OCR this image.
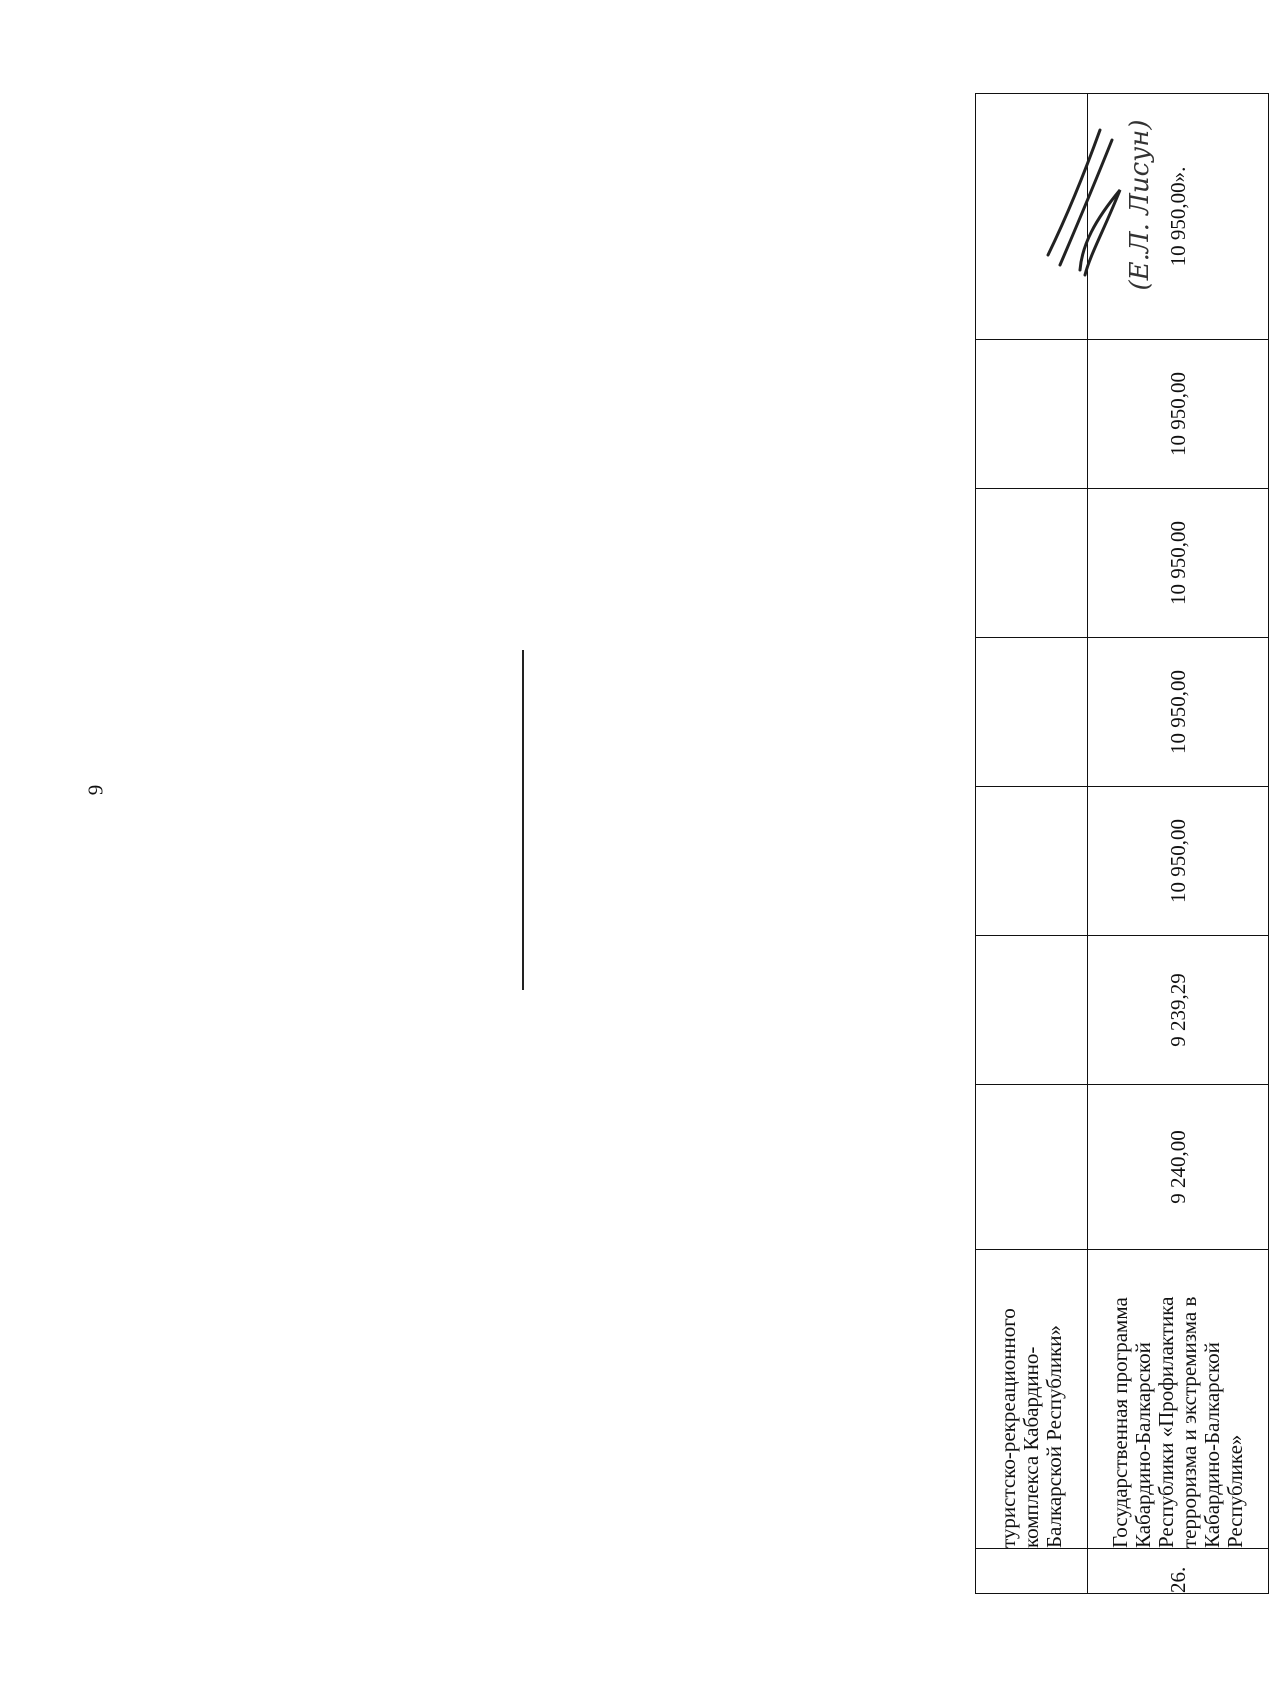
9
	туристско-рекреационного комплекса Кабардино-Балкарской Республики»							
26.	Государственная программа Кабардино-Балкарской Республики «Профилактика терроризма и экстремизма в Кабардино-Балкарской Республике»	9 240,00	9 239,29	10 950,00	10 950,00	10 950,00	10 950,00	10 950,00».
(Е.Л. Лисун)
